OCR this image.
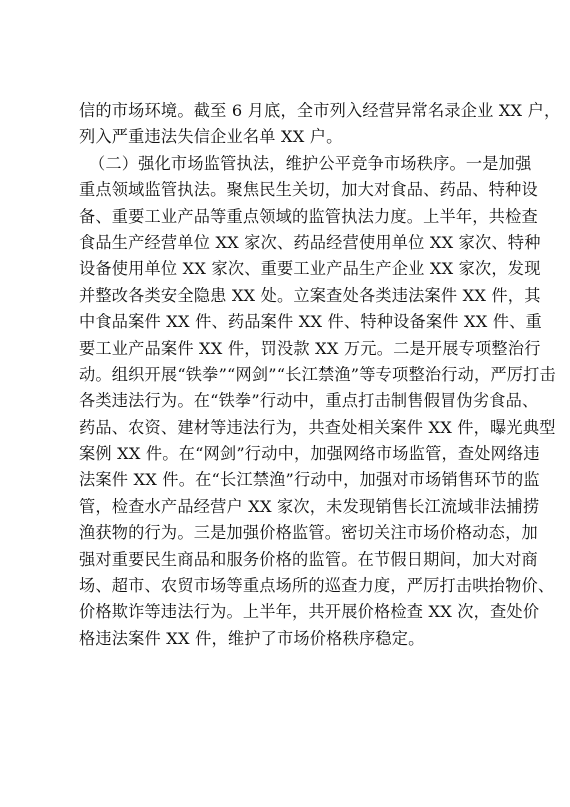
信的市场环境。截至 6 月底，全市列入经营异常名录企业 XX 户，
列入严重违法失信企业名单 XX 户。
（二）强化市场监管执法，维护公平竞争市场秩序。一是加强
重点领域监管执法。聚焦民生关切，加大对食品、药品、特种设
备、重要工业产品等重点领域的监管执法力度。上半年，共检查
食品生产经营单位 XX 家次、药品经营使用单位 XX 家次、特种
设备使用单位 XX 家次、重要工业产品生产企业 XX 家次，发现
并整改各类安全隐患 XX 处。立案查处各类违法案件 XX 件，其
中食品案件 XX 件、药品案件 XX 件、特种设备案件 XX 件、重
要工业产品案件 XX 件，罚没款 XX 万元。二是开展专项整治行
动。组织开展“铁拳”“网剑”“长江禁渔”等专项整治行动，严厉打击
各类违法行为。在“铁拳”行动中，重点打击制售假冒伪劣食品、
药品、农资、建材等违法行为，共查处相关案件 XX 件，曝光典型
案例 XX 件。在“网剑”行动中，加强网络市场监管，查处网络违
法案件 XX 件。在“长江禁渔”行动中，加强对市场销售环节的监
管，检查水产品经营户 XX 家次，未发现销售长江流域非法捕捞
渔获物的行为。三是加强价格监管。密切关注市场价格动态，加
强对重要民生商品和服务价格的监管。在节假日期间，加大对商
场、超市、农贸市场等重点场所的巡查力度，严厉打击哄抬物价、
价格欺诈等违法行为。上半年，共开展价格检查 XX 次，查处价
格违法案件 XX 件，维护了市场价格秩序稳定。
